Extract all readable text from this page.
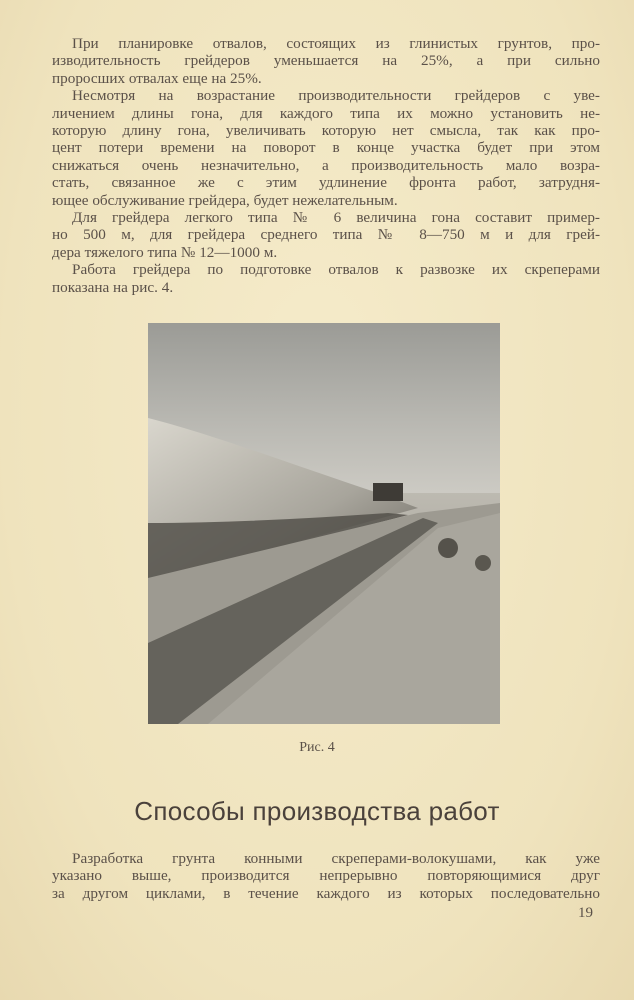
При планировке отвалов, состоящих из глинистых грунтов, про-
изводительность грейдеров уменьшается на 25%, а при сильно
проросших отвалах еще на 25%.
Несмотря на возрастание производительности грейдеров с уве-
личением длины гона, для каждого типа их можно установить не-
которую длину гона, увеличивать которую нет смысла, так как про-
цент потери времени на поворот в конце участка будет при этом
снижаться очень незначительно, а производительность мало возра-
стать, связанное же с этим удлинение фронта работ, затрудня-
ющее обслуживание грейдера, будет нежелательным.
Для грейдера легкого типа № 6 величина гона составит пример-
но 500 м, для грейдера среднего типа № 8—750 м и для грей-
дера тяжелого типа № 12—1000 м.
Работа грейдера по подготовке отвалов к развозке их скреперами
показана на рис. 4.
Рис. 4
Способы производства работ
Разработка грунта конными скреперами-волокушами, как уже
указано выше, производится непрерывно повторяющимися друг
за другом циклами, в течение каждого из которых последовательно
19
